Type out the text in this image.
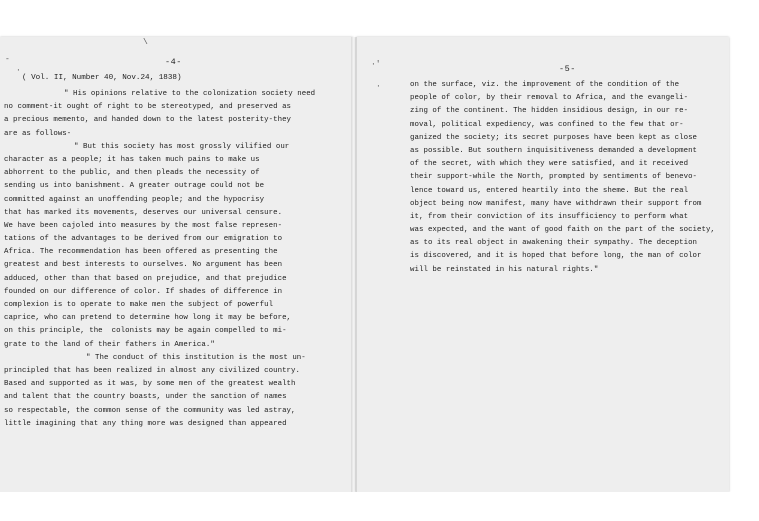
-4-
( Vol. II, Number 40, Nov.24, 1838)
" His opinions relative to the colonization society need
no comment-it ought of right to be stereotyped, and preserved as
a precious memento, and handed down to the latest posterity-they
are as follows-
" But this society has most grossly vilified our
character as a people; it has taken much pains to make us
abhorrent to the public, and then pleads the necessity of
sending us into banishment. A greater outrage could not be
committed against an unoffending people; and the hypocrisy
that has marked its movements, deserves our universal censure.
We have been cajoled into measures by the most false represen-
tations of the advantages to be derived from our emigration to
Africa. The recommendation has been offered as presenting the
greatest and best interests to ourselves. No argument has been
adduced, other than that based on prejudice, and that prejudice
founded on our difference of color. If shades of difference in
complexion is to operate to make men the subject of powerful
caprice, who can pretend to determine how long it may be before,
on this principle, the  colonists may be again compelled to mi-
grate to the land of their fathers in America."
" The conduct of this institution is the most un-
principled that has been realized in almost any civilized country.
Based and supported as it was, by some men of the greatest wealth
and talent that the country boasts, under the sanction of names
so respectable, the common sense of the community was led astray,
little imagining that any thing more was designed than appeared
-5-
on the surface, viz. the improvement of the condition of the
people of color, by their removal to Africa, and the evangeli-
zing of the continent. The hidden insidious design, in our re-
moval, political expediency, was confined to the few that or-
ganized the society; its secret purposes have been kept as close
as possible. But southern inquisitiveness demanded a development
of the secret, with which they were satisfied, and it received
their support-while the North, prompted by sentiments of benevo-
lence toward us, entered heartily into the sheme. But the real
object being now manifest, many have withdrawn their support from
it, from their conviction of its insufficiency to perform what
was expected, and the want of good faith on the part of the society,
as to its real object in awakening their sympathy. The deception
is discovered, and it is hoped that before long, the man of color
will be reinstated in his natural rights."
-
·
\
·'
·
